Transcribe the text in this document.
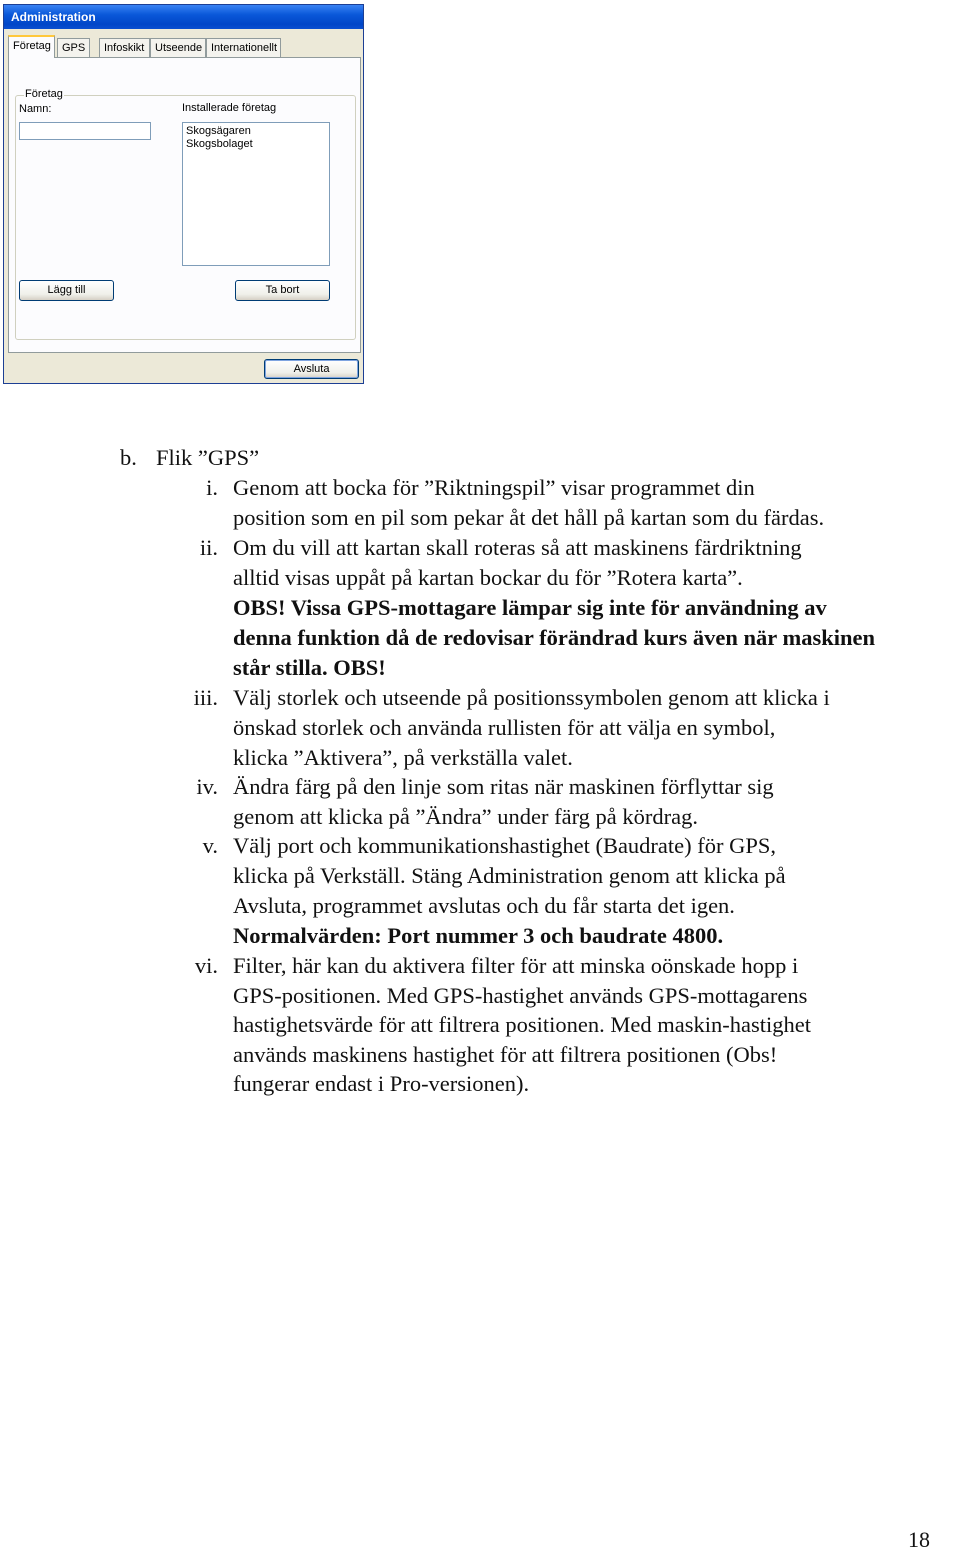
Administration
Företag	GPS	Infoskikt Utseende Internationellt
Företag
Namn:	Installerade företag
Skogsägaren
Skogsbolaget
Lägg till	Ta bort
Avsluta
b. Flik ”GPS”
i. Genom att bocka för ”Riktningspil” visar programmet din
position som en pil som pekar åt det håll på kartan som du färdas.
ii. Om du vill att kartan skall roteras så att maskinens färdriktning
alltid visas uppåt på kartan bockar du för ”Rotera karta”.
OBS! Vissa GPS-mottagare lämpar sig inte för användning av
denna funktion då de redovisar förändrad kurs även när maskinen
står stilla. OBS!
iii. Välj storlek och utseende på positionssymbolen genom att klicka i
önskad storlek och använda rullisten för att välja en symbol,
klicka ”Aktivera”, på verkställa valet.
iv. Ändra färg på den linje som ritas när maskinen förflyttar sig
genom att klicka på ”Ändra” under färg på kördrag.
v. Välj port och kommunikationshastighet (Baudrate) för GPS,
klicka på Verkställ. Stäng Administration genom att klicka på
Avsluta, programmet avslutas och du får starta det igen.
Normalvärden: Port nummer 3 och baudrate 4800.
vi. Filter, här kan du aktivera filter för att minska oönskade hopp i
GPS-positionen. Med GPS-hastighet används GPS-mottagarens
hastighetsvärde för att filtrera positionen. Med maskin-hastighet
används maskinens hastighet för att filtrera positionen (Obs!
fungerar endast i Pro-versionen).
18
